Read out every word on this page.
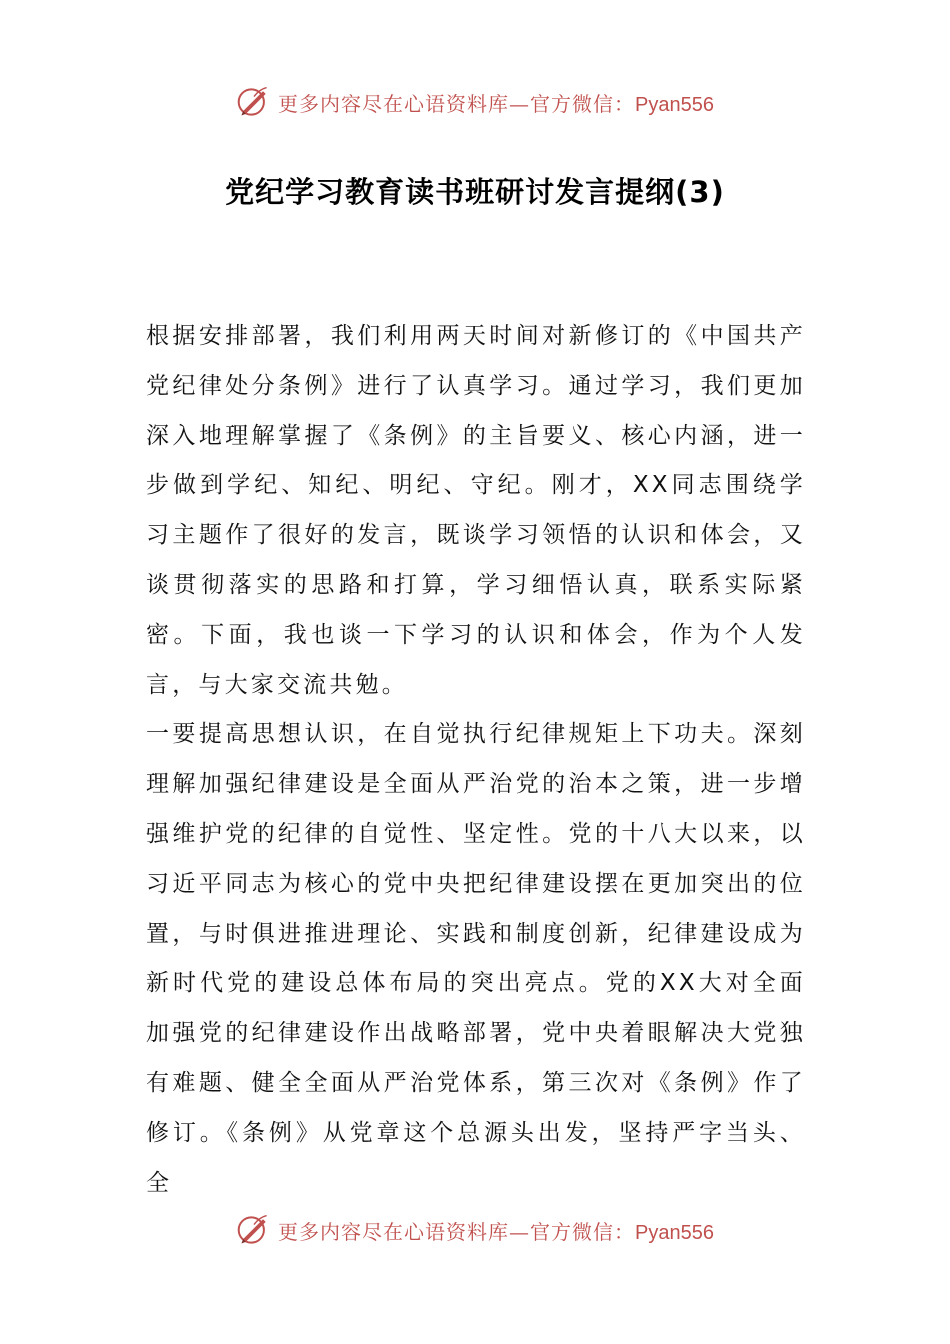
更多内容尽在心语资料库—官方微信：Pyan556
党纪学习教育读书班研讨发言提纲(3)

根据安排部署，我们利用两天时间对新修订的《中国共产党纪律处分条例》进行了认真学习。通过学习，我们更加深入地理解掌握了《条例》的主旨要义、核心内涵，进一步做到学纪、知纪、明纪、守纪。刚才，XX同志围绕学习主题作了很好的发言，既谈学习领悟的认识和体会，又谈贯彻落实的思路和打算，学习细悟认真，联系实际紧密。下面，我也谈一下学习的认识和体会，作为个人发言，与大家交流共勉。

一要提高思想认识，在自觉执行纪律规矩上下功夫。深刻理解加强纪律建设是全面从严治党的治本之策，进一步增强维护党的纪律的自觉性、坚定性。党的十八大以来，以习近平同志为核心的党中央把纪律建设摆在更加突出的位置，与时俱进推进理论、实践和制度创新，纪律建设成为新时代党的建设总体布局的突出亮点。党的XX大对全面加强党的纪律建设作出战略部署，党中央着眼解决大党独有难题、健全全面从严治党体系，第三次对《条例》作了修订。《条例》从党章这个总源头出发，坚持严字当头、全

更多内容尽在心语资料库—官方微信：Pyan556
